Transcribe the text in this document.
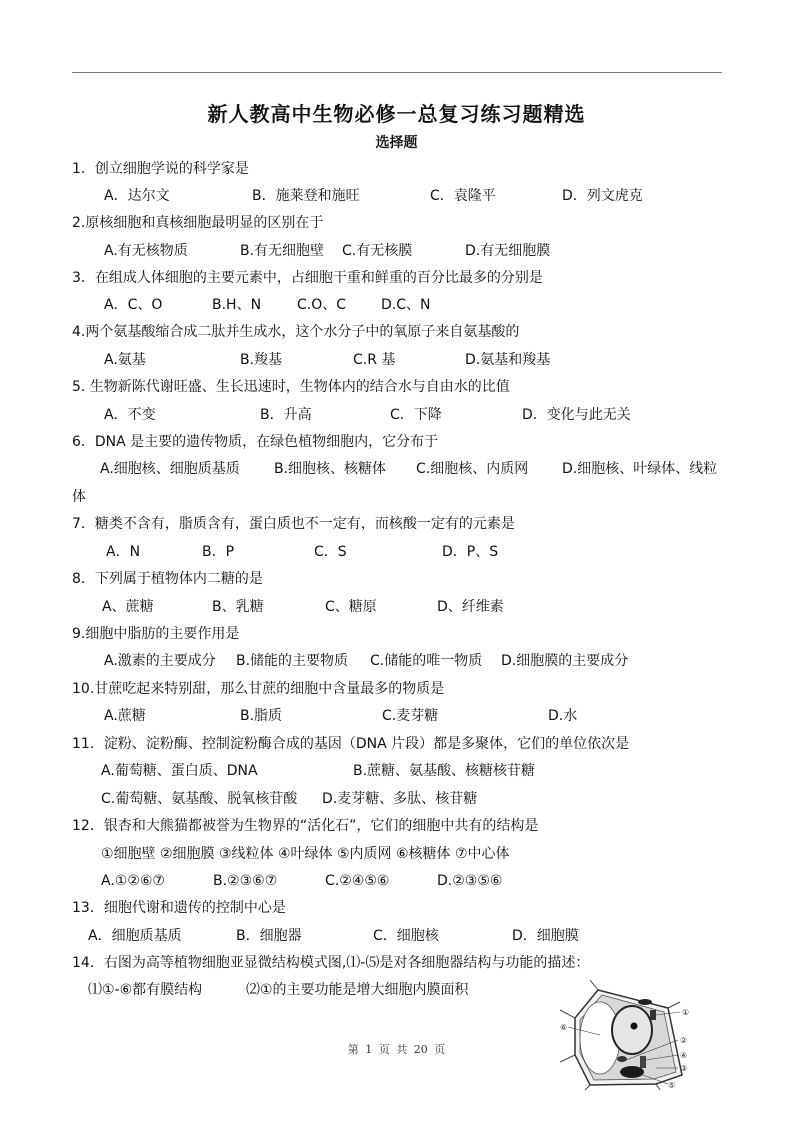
新人教高中生物必修一总复习练习题精选
选择题
1．创立细胞学说的科学家是
A．达尔文	B．施莱登和施旺	C．袁隆平	D．列文虎克
2.原核细胞和真核细胞最明显的区别在于
A.有无核物质	B.有无细胞壁 C.有无核膜	D.有无细胞膜
3．在组成人体细胞的主要元素中，占细胞干重和鲜重的百分比最多的分别是
A．C、O	B.H、N	C.O、C D.C、N
4.两个氨基酸缩合成二肽并生成水，这个水分子中的氧原子来自氨基酸的
A.氨基	B.羧基	C.R 基	D.氨基和羧基
5. 生物新陈代谢旺盛、生长迅速时，生物体内的结合水与自由水的比值
A．不变	B．升高	C．下降	D．变化与此无关
6．DNA 是主要的遗传物质，在绿色植物细胞内，它分布于
A.细胞核、细胞质基质 B.细胞核、核糖体 C.细胞核、内质网 D.细胞核、叶绿体、线粒
体
7．糖类不含有，脂质含有，蛋白质也不一定有，而核酸一定有的元素是
A．N	B．P	C．S	D．P、S
8．下列属于植物体内二糖的是
A、蔗糖	B、乳糖	C、糖原	D、纤维素
9.细胞中脂肪的主要作用是
A.激素的主要成分 B.储能的主要物质 C.储能的唯一物质 D.细胞膜的主要成分
10.甘蔗吃起来特别甜，那么甘蔗的细胞中含量最多的物质是
A.蔗糖	B.脂质	C.麦芽糖	D.水
11．淀粉、淀粉酶、控制淀粉酶合成的基因（DNA 片段）都是多聚体，它们的单位依次是
A.葡萄糖、蛋白质、DNA	B.蔗糖、氨基酸、核糖核苷糖
C.葡萄糖、氨基酸、脱氧核苷酸 D.麦芽糖、多肽、核苷糖
12．银杏和大熊猫都被誉为生物界的“活化石”，它们的细胞中共有的结构是
①细胞壁 ②细胞膜 ③线粒体 ④叶绿体 ⑤内质网 ⑥核糖体 ⑦中心体
A.①②⑥⑦	B.②③⑥⑦	C.②④⑤⑥	D.②③⑤⑥
13．细胞代谢和遗传的控制中心是
A．细胞质基质	B．细胞器	C．细胞核	D．细胞膜
14．右图为高等植物细胞亚显微结构模式图,⑴-⑸是对各细胞器结构与功能的描述：
⑴①-⑥都有膜结构	⑵①的主要功能是增大细胞内膜面积
①
②
④
③
⑤
⑥
第 1 页 共 20 页
